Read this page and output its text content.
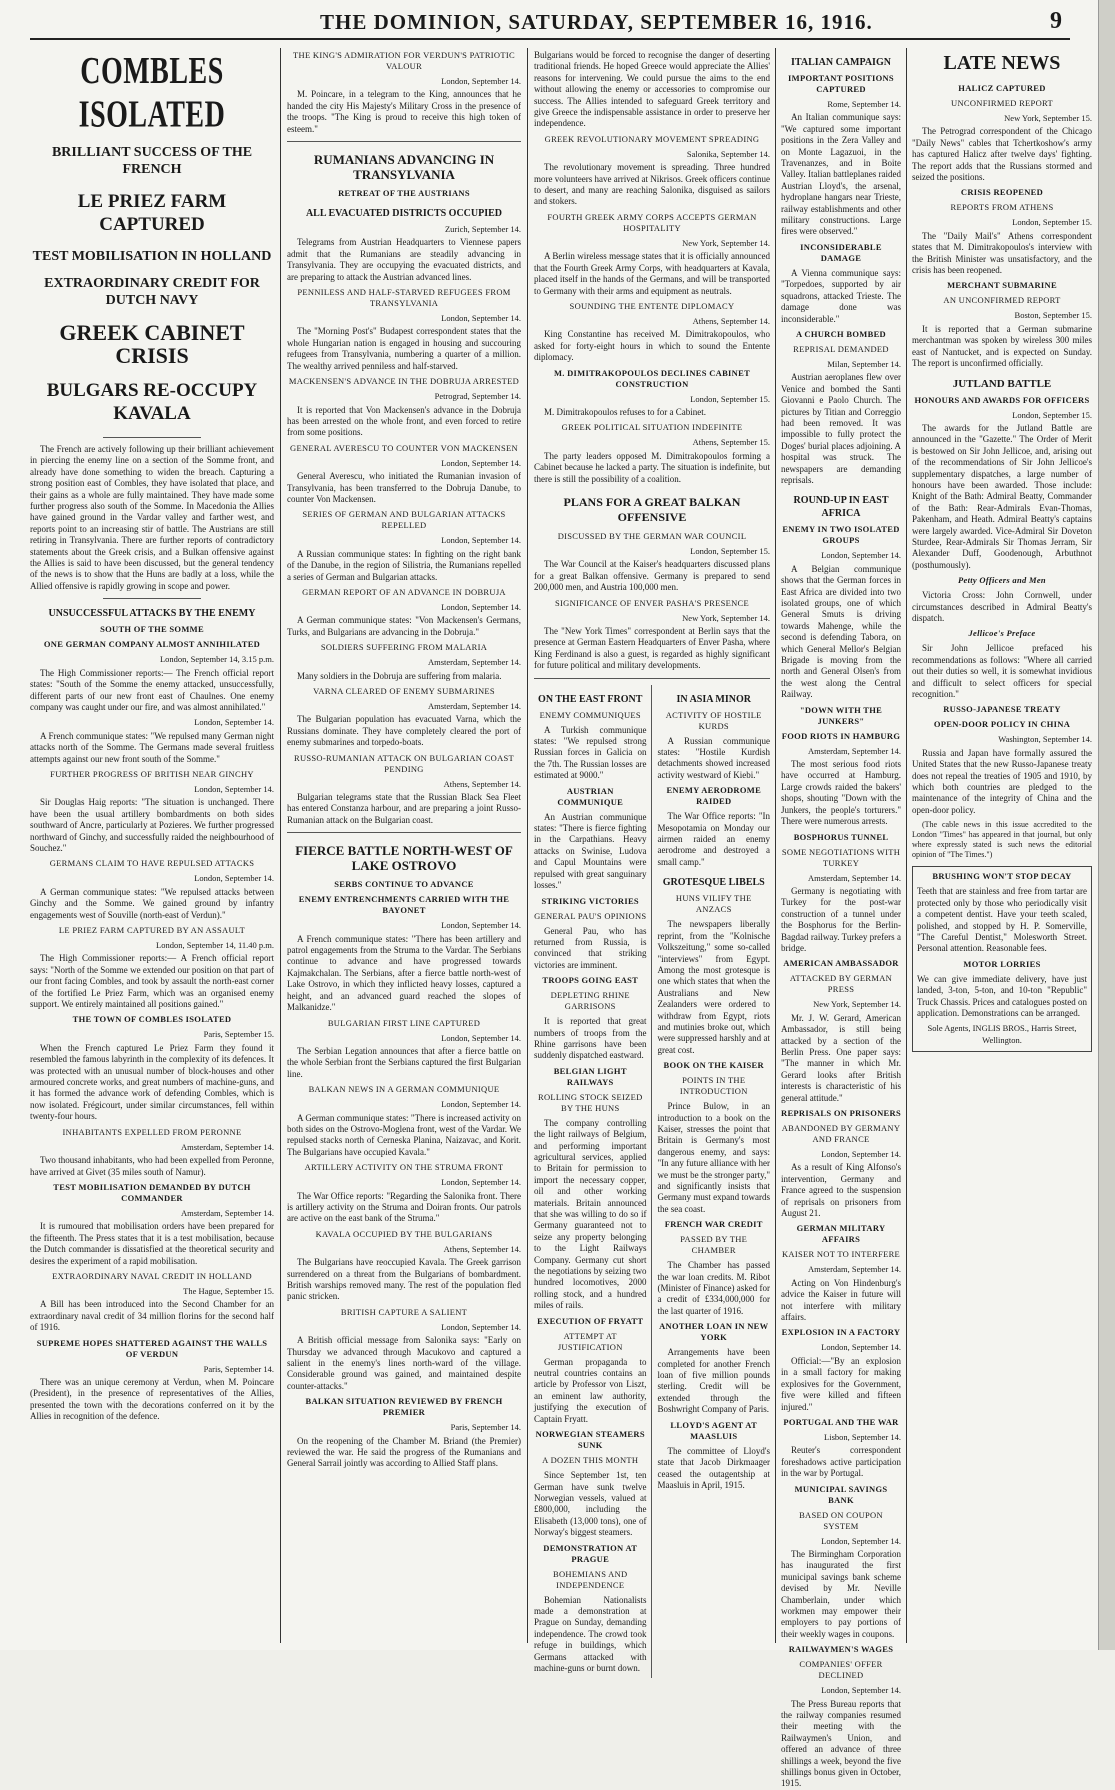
THE DOMINION, SATURDAY, SEPTEMBER 16, 1916.	9
COMBLES ISOLATED
BRILLIANT SUCCESS OF THE FRENCH
LE PRIEZ FARM CAPTURED
TEST MOBILISATION IN HOLLAND
EXTRAORDINARY CREDIT FOR DUTCH NAVY
GREEK CABINET CRISIS
BULGARS RE-OCCUPY KAVALA
The French are actively following up their brilliant achievement in piercing the enemy line on a section of the Somme front, and already have done something to widen the breach. Capturing a strong position east of Combles, they have isolated that place, and their gains as a whole are fully maintained. They have made some further progress also south of the Somme. In Macedonia the Allies have gained ground in the Vardar valley and farther west, and reports point to an increasing stir of battle. The Austrians are still retiring in Transylvania. There are further reports of contradictory statements about the Greek crisis, and a Bulkan offensive against the Allies is said to have been discussed, but the general tendency of the news is to show that the Huns are badly at a loss, while the Allied offensive is rapidly growing in scope and power.
UNSUCCESSFUL ATTACKS BY THE ENEMY
SOUTH OF THE SOMME
ONE GERMAN COMPANY ALMOST ANNIHILATED
London, September 14, 3.15 p.m.
The High Commissioner reports:— The French official report states: "South of the Somme the enemy attacked, unsuccessfully, different parts of our new front east of Chaulnes. One enemy company was caught under our fire, and was almost annihilated."
London, September 14.
A French communique states: "We repulsed many German night attacks north of the Somme. The Germans made several fruitless attempts against our new front south of the Somme."
FURTHER PROGRESS OF BRITISH NEAR GINCHY
London, September 14.
Sir Douglas Haig reports: "The situation is unchanged. There have been the usual artillery bombardments on both sides southward of Ancre, particularly at Pozieres. We further progressed northward of Ginchy, and successfully raided the neighbourhood of Souchez."
GERMANS CLAIM TO HAVE REPULSED ATTACKS
London, September 14.
A German communique states: "We repulsed attacks between Ginchy and the Somme. We gained ground by infantry engagements west of Souville (north-east of Verdun)."
LE PRIEZ FARM CAPTURED BY AN ASSAULT
London, September 14, 11.40 p.m.
The High Commissioner reports:— A French official report says: "North of the Somme we extended our position on that part of our front facing Combles, and took by assault the north-east corner of the fortified Le Priez Farm, which was an organised enemy support. We entirely maintained all positions gained."
THE TOWN OF COMBLES ISOLATED
Paris, September 15.
When the French captured Le Priez Farm they found it resembled the famous labyrinth in the complexity of its defences. It was protected with an unusual number of block-houses and other armoured concrete works, and great numbers of machine-guns, and it has formed the advance work of defending Combles, which is now isolated. Frégicourt, under similar circumstances, fell within twenty-four hours.
INHABITANTS EXPELLED FROM PERONNE
Amsterdam, September 14.
Two thousand inhabitants, who had been expelled from Peronne, have arrived at Givet (35 miles south of Namur).
TEST MOBILISATION DEMANDED BY DUTCH COMMANDER
Amsterdam, September 14.
It is rumoured that mobilisation orders have been prepared for the fifteenth. The Press states that it is a test mobilisation, because the Dutch commander is dissatisfied at the theoretical security and desires the experiment of a rapid mobilisation.
EXTRAORDINARY NAVAL CREDIT IN HOLLAND
The Hague, September 15.
A Bill has been introduced into the Second Chamber for an extraordinary naval credit of 34 million florins for the second half of 1916.
SUPREME HOPES SHATTERED AGAINST THE WALLS OF VERDUN
Paris, September 14.
There was an unique ceremony at Verdun, when M. Poincare (President), in the presence of representatives of the Allies, presented the town with the decorations conferred on it by the Allies in recognition of the defence.
THE KING'S ADMIRATION FOR VERDUN'S PATRIOTIC VALOUR
London, September 14.
M. Poincare, in a telegram to the King, announces that he handed the city His Majesty's Military Cross in the presence of the troops. "The King is proud to receive this high token of esteem."
RUMANIANS ADVANCING IN TRANSYLVANIA
RETREAT OF THE AUSTRIANS
ALL EVACUATED DISTRICTS OCCUPIED
Zurich, September 14.
Telegrams from Austrian Headquarters to Viennese papers admit that the Rumanians are steadily advancing in Transylvania. They are occupying the evacuated districts, and are preparing to attack the Austrian advanced lines.
PENNILESS AND HALF-STARVED REFUGEES FROM TRANSYLVANIA
London, September 14.
The "Morning Post's" Budapest correspondent states that the whole Hungarian nation is engaged in housing and succouring refugees from Transylvania, numbering a quarter of a million. The wealthy arrived penniless and half-starved.
MACKENSEN'S ADVANCE IN THE DOBRUJA ARRESTED
Petrograd, September 14.
It is reported that Von Mackensen's advance in the Dobruja has been arrested on the whole front, and even forced to retire from some positions.
GENERAL AVERESCU TO COUNTER VON MACKENSEN
London, September 14.
General Averescu, who initiated the Rumanian invasion of Transylvania, has been transferred to the Dobruja Danube, to counter Von Mackensen.
SERIES OF GERMAN AND BULGARIAN ATTACKS REPELLED
London, September 14.
A Russian communique states: In fighting on the right bank of the Danube, in the region of Silistria, the Rumanians repelled a series of German and Bulgarian attacks.
GERMAN REPORT OF AN ADVANCE IN DOBRUJA
London, September 14.
A German communique states: "Von Mackensen's Germans, Turks, and Bulgarians are advancing in the Dobruja."
SOLDIERS SUFFERING FROM MALARIA
Amsterdam, September 14.
Many soldiers in the Dobruja are suffering from malaria.
VARNA CLEARED OF ENEMY SUBMARINES
Amsterdam, September 14.
The Bulgarian population has evacuated Varna, which the Russians dominate. They have completely cleared the port of enemy submarines and torpedo-boats.
RUSSO-RUMANIAN ATTACK ON BULGARIAN COAST PENDING
Athens, September 14.
Bulgarian telegrams state that the Russian Black Sea Fleet has entered Constanza harbour, and are preparing a joint Russo-Rumanian attack on the Bulgarian coast.
FIERCE BATTLE NORTH-WEST OF LAKE OSTROVO
SERBS CONTINUE TO ADVANCE
ENEMY ENTRENCHMENTS CARRIED WITH THE BAYONET
London, September 14.
A French communique states: "There has been artillery and patrol engagements from the Struma to the Vardar. The Serbians continue to advance and have progressed towards Kajmakchalan. The Serbians, after a fierce battle north-west of Lake Ostrovo, in which they inflicted heavy losses, captured a height, and an advanced guard reached the slopes of Malkanidze."
BULGARIAN FIRST LINE CAPTURED
London, September 14.
The Serbian Legation announces that after a fierce battle on the whole Serbian front the Serbians captured the first Bulgarian line.
BALKAN NEWS IN A GERMAN COMMUNIQUE
London, September 14.
A German communique states: "There is increased activity on both sides on the Ostrovo-Moglena front, west of the Vardar. We repulsed stacks north of Cerneska Planina, Naizavac, and Korit. The Bulgarians have occupied Kavala."
ARTILLERY ACTIVITY ON THE STRUMA FRONT
London, September 14.
The War Office reports: "Regarding the Salonika front. There is artillery activity on the Struma and Doiran fronts. Our patrols are active on the east bank of the Struma."
KAVALA OCCUPIED BY THE BULGARIANS
Athens, September 14.
The Bulgarians have reoccupied Kavala. The Greek garrison surrendered on a threat from the Bulgarians of bombardment. British warships removed many. The rest of the population fled panic stricken.
BRITISH CAPTURE A SALIENT
London, September 14.
A British official message from Salonika says: "Early on Thursday we advanced through Macukovo and captured a salient in the enemy's lines north-ward of the village. Considerable ground was gained, and maintained despite counter-attacks."
BALKAN SITUATION REVIEWED BY FRENCH PREMIER
Paris, September 14.
On the reopening of the Chamber M. Briand (the Premier) reviewed the war. He said the progress of the Rumanians and General Sarrail jointly was according to Allied Staff plans.
Bulgarians would be forced to recognise the danger of deserting traditional friends. He hoped Greece would appreciate the Allies' reasons for intervening. We could pursue the aims to the end without allowing the enemy or accessories to compromise our success. The Allies intended to safeguard Greek territory and give Greece the indispensable assistance in order to preserve her independence.
GREEK REVOLUTIONARY MOVEMENT SPREADING
Salonika, September 14.
The revolutionary movement is spreading. Three hundred more volunteers have arrived at Nikrisos. Greek officers continue to desert, and many are reaching Salonika, disguised as sailors and stokers.
FOURTH GREEK ARMY CORPS ACCEPTS GERMAN HOSPITALITY
New York, September 14.
A Berlin wireless message states that it is officially announced that the Fourth Greek Army Corps, with headquarters at Kavala, placed itself in the hands of the Germans, and will be transported to Germany with their arms and equipment as neutrals.
SOUNDING THE ENTENTE DIPLOMACY
Athens, September 14.
King Constantine has received M. Dimitrakopoulos, who asked for forty-eight hours in which to sound the Entente diplomacy.
M. DIMITRAKOPOULOS DECLINES CABINET CONSTRUCTION
London, September 15.
M. Dimitrakopoulos refuses to for a Cabinet.
GREEK POLITICAL SITUATION INDEFINITE
Athens, September 15.
The party leaders opposed M. Dimitrakopoulos forming a Cabinet because he lacked a party. The situation is indefinite, but there is still the possibility of a coalition.
PLANS FOR A GREAT BALKAN OFFENSIVE
DISCUSSED BY THE GERMAN WAR COUNCIL
London, September 15.
The War Council at the Kaiser's headquarters discussed plans for a great Balkan offensive. Germany is prepared to send 200,000 men, and Austria 100,000 men.
SIGNIFICANCE OF ENVER PASHA'S PRESENCE
New York, September 14.
The "New York Times" correspondent at Berlin says that the presence at German Eastern Headquarters of Enver Pasha, where King Ferdinand is also a guest, is regarded as highly significant for future political and military developments.
ON THE EAST FRONT
ENEMY COMMUNIQUES
A Turkish communique states: "We repulsed strong Russian forces in Galicia on the 7th. The Russian losses are estimated at 9000."
AUSTRIAN COMMUNIQUE
An Austrian communique states: "There is fierce fighting in the Carpathians. Heavy attacks on Swinise, Ludova and Capul Mountains were repulsed with great sanguinary losses."
STRIKING VICTORIES
GENERAL PAU'S OPINIONS
General Pau, who has returned from Russia, is convinced that striking victories are imminent.
TROOPS GOING EAST
DEPLETING RHINE GARRISONS
It is reported that great numbers of troops from the Rhine garrisons have been suddenly dispatched eastward.
BELGIAN LIGHT RAILWAYS
ROLLING STOCK SEIZED BY THE HUNS
The company controlling the light railways of Belgium, and performing important agricultural services, applied to Britain for permission to import the necessary copper, oil and other working materials. Britain announced that she was willing to do so if Germany guaranteed not to seize any property belonging to the Light Railways Company. Germany cut short the negotiations by seizing two hundred locomotives, 2000 rolling stock, and a hundred miles of rails.
EXECUTION OF FRYATT
ATTEMPT AT JUSTIFICATION
German propaganda to neutral countries contains an article by Professor von Liszt, an eminent law authority, justifying the execution of Captain Fryatt.
NORWEGIAN STEAMERS SUNK
A DOZEN THIS MONTH
Since September 1st, ten German have sunk twelve Norwegian vessels, valued at £800,000, including the Elisabeth (13,000 tons), one of Norway's biggest steamers.
DEMONSTRATION AT PRAGUE
BOHEMIANS AND INDEPENDENCE
Bohemian Nationalists made a demonstration at Prague on Sunday, demanding independence. The crowd took refuge in buildings, which Germans attacked with machine-guns or burnt down.
IN ASIA MINOR
ACTIVITY OF HOSTILE KURDS
A Russian communique states: "Hostile Kurdish detachments showed increased activity westward of Kiebi."
ENEMY AERODROME RAIDED
The War Office reports: "In Mesopotamia on Monday our airmen raided an enemy aerodrome and destroyed a small camp."
GROTESQUE LIBELS
HUNS VILIFY THE ANZACS
The newspapers liberally reprint, from the "Kolnische Volkszeitung," some so-called "interviews" from Egypt. Among the most grotesque is one which states that when the Australians and New Zealanders were ordered to withdraw from Egypt, riots and mutinies broke out, which were suppressed harshly and at great cost.
BOOK ON THE KAISER
POINTS IN THE INTRODUCTION
Prince Bulow, in an introduction to a book on the Kaiser, stresses the point that Britain is Germany's most dangerous enemy, and says: "In any future alliance with her we must be the stronger party," and significantly insists that Germany must expand towards the sea coast.
FRENCH WAR CREDIT
PASSED BY THE CHAMBER
The Chamber has passed the war loan credits. M. Ribot (Minister of Finance) asked for a credit of £334,000,000 for the last quarter of 1916.
ANOTHER LOAN IN NEW YORK
Arrangements have been completed for another French loan of five million pounds sterling. Credit will be extended through the Boshwright Company of Paris.
LLOYD'S AGENT AT MAASLUIS
The committee of Lloyd's state that Jacob Dirkmaager ceased the outagentship at Maasluis in April, 1915.
ITALIAN CAMPAIGN
IMPORTANT POSITIONS CAPTURED
Rome, September 14.
An Italian communique says: "We captured some important positions in the Zera Valley and on Monte Lagazuoi, in the Travenanzes, and in Boite Valley. Italian battleplanes raided Austrian Lloyd's, the arsenal, hydroplane hangars near Trieste, railway establishments and other military constructions. Large fires were observed."
INCONSIDERABLE DAMAGE
A Vienna communique says: "Torpedoes, supported by air squadrons, attacked Trieste. The damage done was inconsiderable."
A CHURCH BOMBED
REPRISAL DEMANDED
Milan, September 14.
Austrian aeroplanes flew over Venice and bombed the Santi Giovanni e Paolo Church. The pictures by Titian and Correggio had been removed. It was impossible to fully protect the Doges' burial places adjoining. A hospital was struck. The newspapers are demanding reprisals.
ROUND-UP IN EAST AFRICA
ENEMY IN TWO ISOLATED GROUPS
London, September 14.
A Belgian communique shows that the German forces in East Africa are divided into two isolated groups, one of which General Smuts is driving towards Mahenge, while the second is defending Tabora, on which General Mellor's Belgian Brigade is moving from the north and General Olsen's from the west along the Central Railway.
"DOWN WITH THE JUNKERS"
FOOD RIOTS IN HAMBURG
Amsterdam, September 14.
The most serious food riots have occurred at Hamburg. Large crowds raided the bakers' shops, shouting "Down with the Junkers, the people's torturers." There were numerous arrests.
BOSPHORUS TUNNEL
SOME NEGOTIATIONS WITH TURKEY
Amsterdam, September 14.
Germany is negotiating with Turkey for the post-war construction of a tunnel under the Bosphorus for the Berlin-Bagdad railway. Turkey prefers a bridge.
AMERICAN AMBASSADOR
ATTACKED BY GERMAN PRESS
New York, September 14.
Mr. J. W. Gerard, American Ambassador, is still being attacked by a section of the Berlin Press. One paper says: "The manner in which Mr. Gerard looks after British interests is characteristic of his general attitude."
REPRISALS ON PRISONERS
ABANDONED BY GERMANY AND FRANCE
London, September 14.
As a result of King Alfonso's intervention, Germany and France agreed to the suspension of reprisals on prisoners from August 21.
GERMAN MILITARY AFFAIRS
KAISER NOT TO INTERFERE
Amsterdam, September 14.
Acting on Von Hindenburg's advice the Kaiser in future will not interfere with military affairs.
EXPLOSION IN A FACTORY
London, September 14.
Official:—"By an explosion in a small factory for making explosives for the Government, five were killed and fifteen injured."
PORTUGAL AND THE WAR
Lisbon, September 14.
Reuter's correspondent foreshadows active participation in the war by Portugal.
MUNICIPAL SAVINGS BANK
BASED ON COUPON SYSTEM
London, September 14.
The Birmingham Corporation has inaugurated the first municipal savings bank scheme devised by Mr. Neville Chamberlain, under which workmen may empower their employers to pay portions of their weekly wages in coupons.
RAILWAYMEN'S WAGES
COMPANIES' OFFER DECLINED
London, September 14.
The Press Bureau reports that the railway companies resumed their meeting with the Railwaymen's Union, and offered an advance of three shillings a week, beyond the five shillings bonus given in October, 1915.
LATE NEWS
HALICZ CAPTURED
UNCONFIRMED REPORT
New York, September 15.
The Petrograd correspondent of the Chicago "Daily News" cables that Tchertkoshow's army has captured Halicz after twelve days' fighting. The report adds that the Russians stormed and seized the positions.
CRISIS REOPENED
REPORTS FROM ATHENS
London, September 15.
The "Daily Mail's" Athens correspondent states that M. Dimitrakopoulos's interview with the British Minister was unsatisfactory, and the crisis has been reopened.
MERCHANT SUBMARINE
AN UNCONFIRMED REPORT
Boston, September 15.
It is reported that a German submarine merchantman was spoken by wireless 300 miles east of Nantucket, and is expected on Sunday. The report is unconfirmed officially.
JUTLAND BATTLE
HONOURS AND AWARDS FOR OFFICERS
London, September 15.
The awards for the Jutland Battle are announced in the "Gazette." The Order of Merit is bestowed on Sir John Jellicoe, and, arising out of the recommendations of Sir John Jellicoe's supplementary dispatches, a large number of honours have been awarded. Those include: Knight of the Bath: Admiral Beatty, Commander of the Bath: Rear-Admirals Evan-Thomas, Pakenham, and Heath. Admiral Beatty's captains were largely awarded. Vice-Admiral Sir Doveton Sturdee, Rear-Admirals Sir Thomas Jerram, Sir Alexander Duff, Goodenough, Arbuthnot (posthumously).
Petty Officers and Men
Victoria Cross: John Cornwell, under circumstances described in Admiral Beatty's dispatch.
Jellicoe's Preface
Sir John Jellicoe prefaced his recommendations as follows: "Where all carried out their duties so well, it is somewhat invidious and difficult to select officers for special recognition."
RUSSO-JAPANESE TREATY
OPEN-DOOR POLICY IN CHINA
Washington, September 14.
Russia and Japan have formally assured the United States that the new Russo-Japanese treaty does not repeal the treaties of 1905 and 1910, by which both countries are pledged to the maintenance of the integrity of China and the open-door policy.
(The cable news in this issue accredited to the London "Times" has appeared in that journal, but only where expressly stated is such news the editorial opinion of "The Times.")
BRUSHING WON'T STOP DECAY
Teeth that are stainless and free from tartar are protected only by those who periodically visit a competent dentist. Have your teeth scaled, polished, and stopped by H. P. Somerville, "The Careful Dentist," Molesworth Street. Personal attention. Reasonable fees.
MOTOR LORRIES
We can give immediate delivery, have just landed, 3-ton, 5-ton, and 10-ton "Republic" Truck Chassis. Prices and catalogues posted on application. Demonstrations can be arranged.
Sole Agents, INGLIS BROS., Harris Street, Wellington.
